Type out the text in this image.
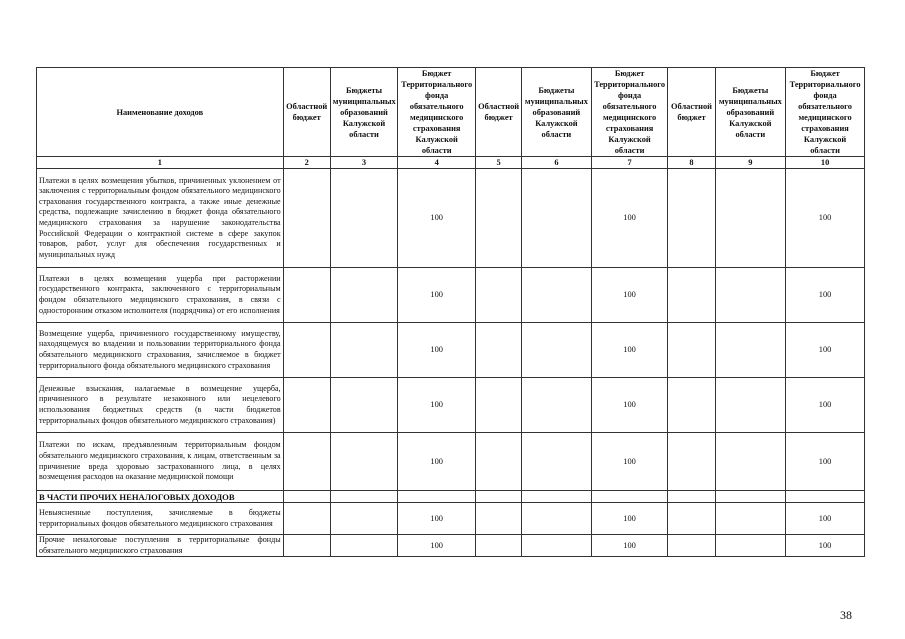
Наименование доходов	Областной бюджет	Бюджеты муниципальных образований Калужской области	Бюджет Территориального фонда обязательного медицинского страхования Калужской области	Областной бюджет	Бюджеты муниципальных образований Калужской области	Бюджет Территориального фонда обязательного медицинского страхования Калужской области	Областной бюджет	Бюджеты муниципальных образований Калужской области	Бюджет Территориального фонда обязательного медицинского страхования Калужской области
1	2	3	4	5	6	7	8	9	10
Платежи в целях возмещения убытков, причиненных уклонением от заключения с территориальным фондом обязательного медицинского страхования государственного контракта, а также иные денежные средства, подлежащие зачислению в бюджет фонда обязательного медицинского страхования за нарушение законодательства Российской Федерации о контрактной системе в сфере закупок товаров, работ, услуг для обеспечения государственных и муниципальных нужд			100			100			100
Платежи в целях возмещения ущерба при расторжении государственного контракта, заключенного с территориальным фондом обязательного медицинского страхования, в связи с односторонним отказом исполнителя (подрядчика) от его исполнения			100			100			100
Возмещение ущерба, причиненного государственному имуществу, находящемуся во владении и пользовании территориального фонда обязательного медицинского страхования, зачисляемое в бюджет территориального фонда обязательного медицинского страхования			100			100			100
Денежные взыскания, налагаемые в возмещение ущерба, причиненного в результате незаконного или нецелевого использования бюджетных средств (в части бюджетов территориальных фондов обязательного медицинского страхования)			100			100			100
Платежи по искам, предъявленным территориальным фондом обязательного медицинского страхования, к лицам, ответственным за причинение вреда здоровью застрахованного лица, в целях возмещения расходов на оказание медицинской помощи			100			100			100
В ЧАСТИ ПРОЧИХ НЕНАЛОГОВЫХ ДОХОДОВ									
Невыясненные поступления, зачисляемые в бюджеты территориальных фондов обязательного медицинского страхования			100			100			100
Прочие неналоговые поступления в территориальные фонды обязательного медицинского страхования			100			100			100
38
